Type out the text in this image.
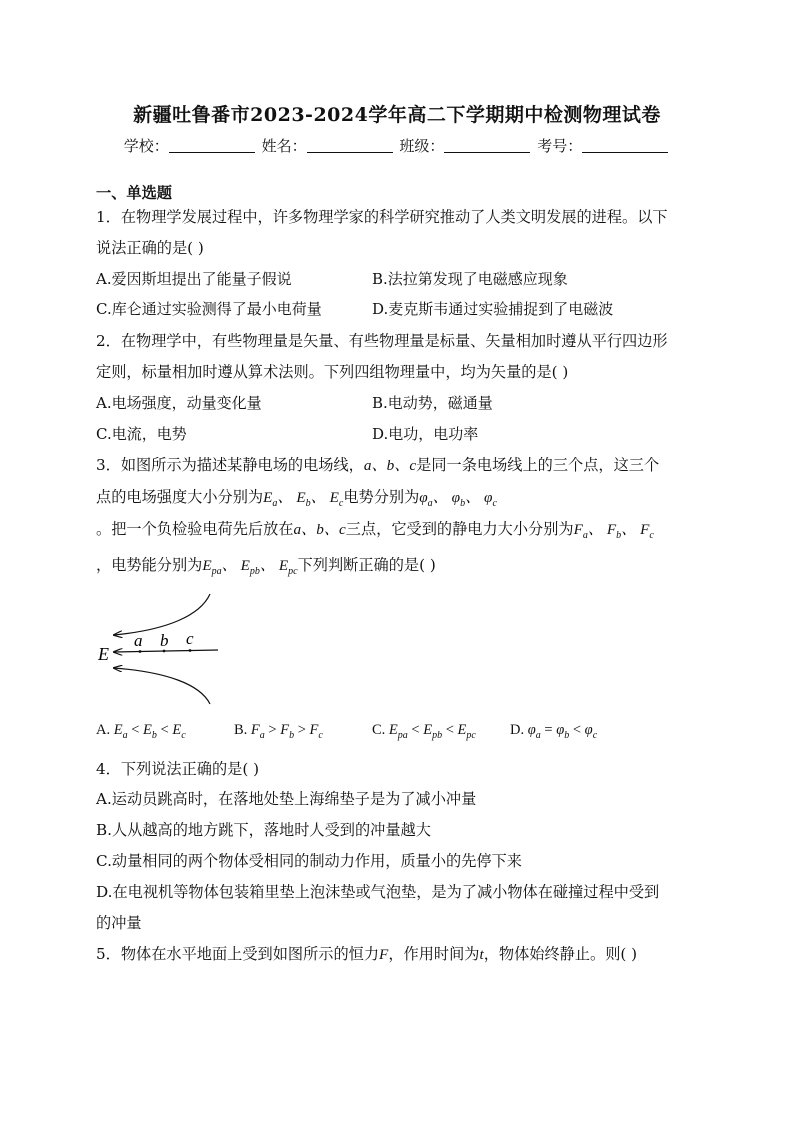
新疆吐鲁番市2023-2024学年高二下学期期中检测物理试卷
学校：	姓名：	班级：	考号：
一、单选题
1．在物理学发展过程中，许多物理学家的科学研究推动了人类文明发展的进程。以下
说法正确的是( )
A.爱因斯坦提出了能量子假说	B.法拉第发现了电磁感应现象
C.库仑通过实验测得了最小电荷量	D.麦克斯韦通过实验捕捉到了电磁波
2．在物理学中，有些物理量是矢量、有些物理量是标量、矢量相加时遵从平行四边形
定则，标量相加时遵从算术法则。下列四组物理量中，均为矢量的是( )
A.电场强度，动量变化量	B.电动势，磁通量
C.电流，电势	D.电功，电功率
3．如图所示为描述某静电场的电场线，a、b、c是同一条电场线上的三个点，这三个
点的电场强度大小分别为$E_a$、 $E_b$、 $E_c$电势分别为$\varphi_a$、 $\varphi_b$、 $\varphi_c$
。把一个负检验电荷先后放在a、b、c三点，它受到的静电力大小分别为$F_a$、 $F_b$、 $F_c$
，电势能分别为$E_{pa}$、 $E_{pb}$、 $E_{pc}$下列判断正确的是( )
a b c
E
A. $E_a < E_b < E_c$	B. $F_a > F_b > F_c$	C. $E_{pa} < E_{pb} < E_{pc}$ D. $\varphi_a = \varphi_b < \varphi_c$
4．下列说法正确的是( )
A.运动员跳高时，在落地处垫上海绵垫子是为了减小冲量
B.人从越高的地方跳下，落地时人受到的冲量越大
C.动量相同的两个物体受相同的制动力作用，质量小的先停下来
D.在电视机等物体包装箱里垫上泡沫垫或气泡垫，是为了减小物体在碰撞过程中受到
的冲量
5．物体在水平地面上受到如图所示的恒力F，作用时间为t，物体始终静止。则( )
